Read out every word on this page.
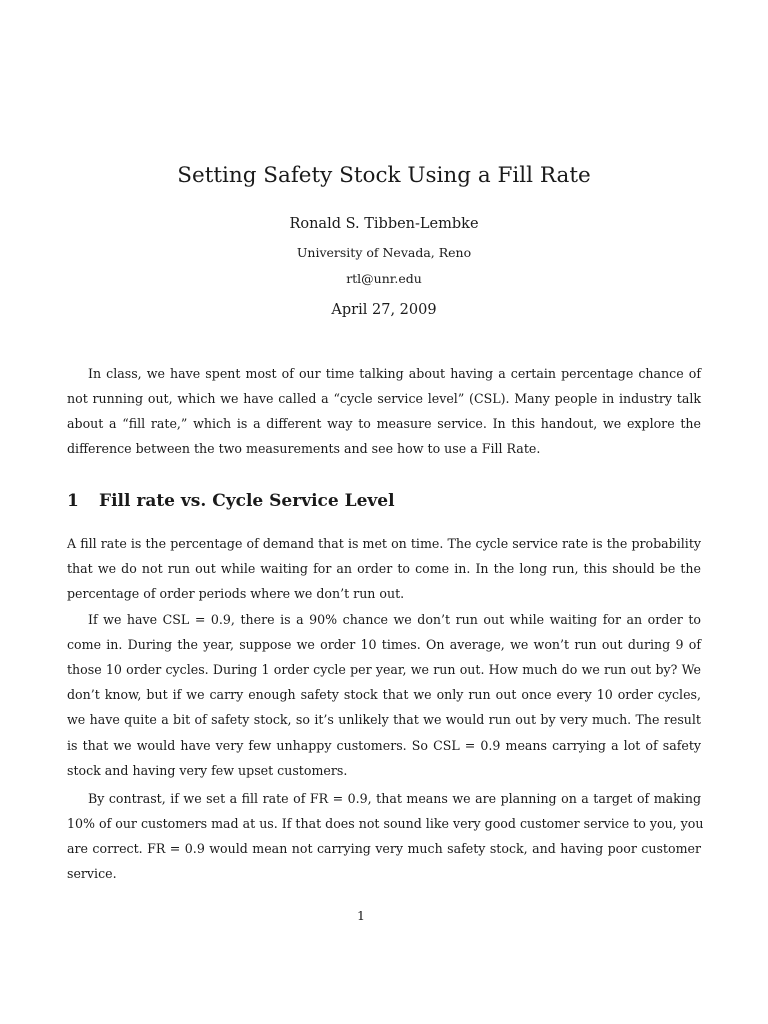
Setting Safety Stock Using a Fill Rate
Ronald S. Tibben-Lembke
University of Nevada, Reno
rtl@unr.edu
April 27, 2009
In class, we have spent most of our time talking about having a certain percentage chance of
not running out, which we have called a “cycle service level” (CSL). Many people in industry talk
about a “fill rate,” which is a different way to measure service. In this handout, we explore the
difference between the two measurements and see how to use a Fill Rate.
1 Fill rate vs. Cycle Service Level
A fill rate is the percentage of demand that is met on time. The cycle service rate is the probability
that we do not run out while waiting for an order to come in. In the long run, this should be the
percentage of order periods where we don’t run out.
If we have CSL = 0.9, there is a 90% chance we don’t run out while waiting for an order to
come in. During the year, suppose we order 10 times. On average, we won’t run out during 9 of
those 10 order cycles. During 1 order cycle per year, we run out. How much do we run out by? We
don’t know, but if we carry enough safety stock that we only run out once every 10 order cycles,
we have quite a bit of safety stock, so it’s unlikely that we would run out by very much. The result
is that we would have very few unhappy customers. So CSL = 0.9 means carrying a lot of safety
stock and having very few upset customers.
By contrast, if we set a fill rate of FR = 0.9, that means we are planning on a target of making
10% of our customers mad at us. If that does not sound like very good customer service to you, you
are correct. FR = 0.9 would mean not carrying very much safety stock, and having poor customer
service.
1
